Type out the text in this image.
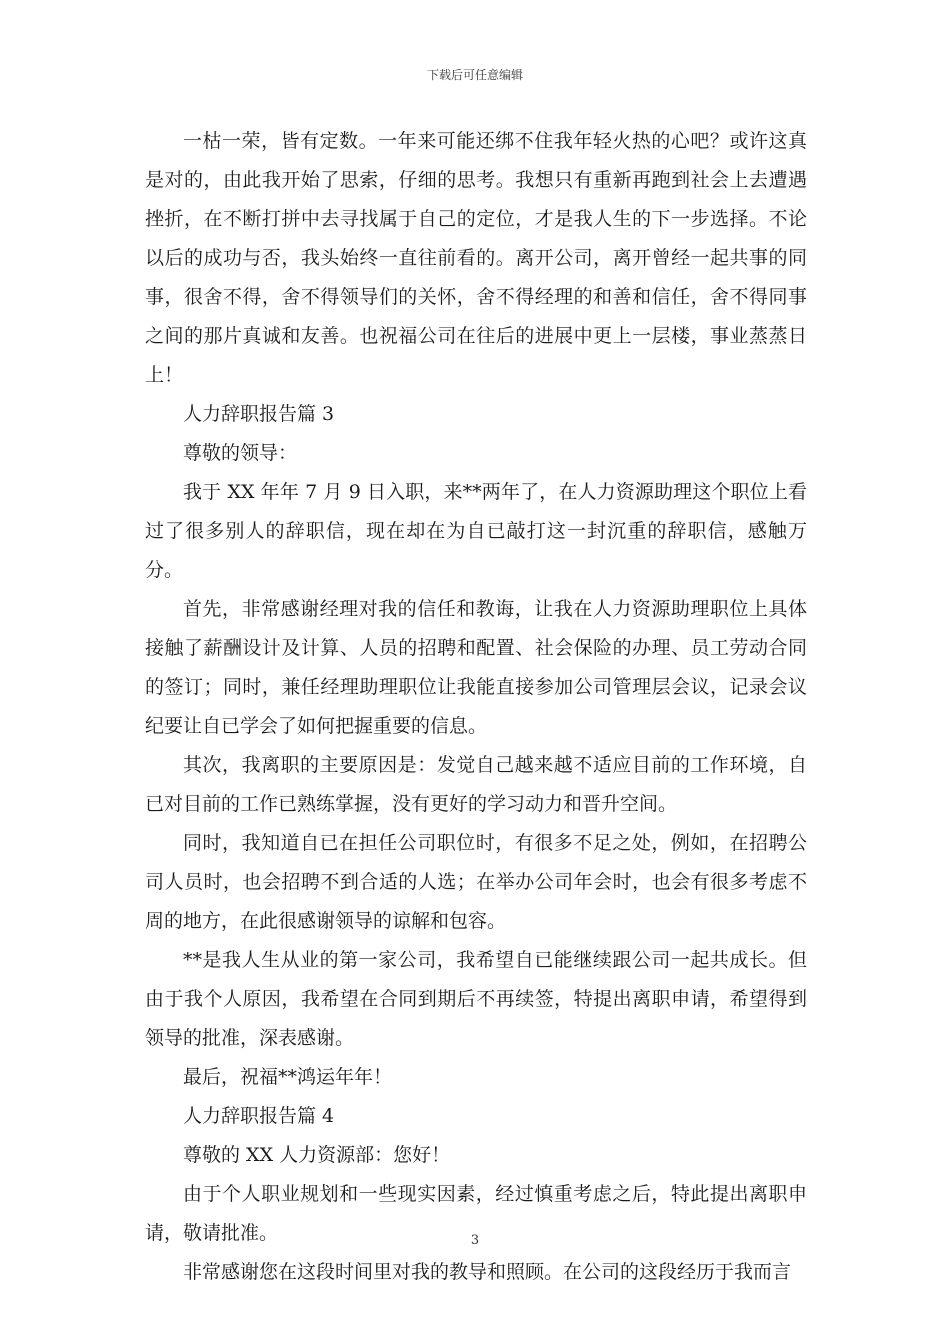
下载后可任意编辑

一枯一荣，皆有定数。一年来可能还绑不住我年轻火热的心吧？或许这真是对的，由此我开始了思索，仔细的思考。我想只有重新再跑到社会上去遭遇挫折，在不断打拼中去寻找属于自己的定位，才是我人生的下一步选择。不论以后的成功与否，我头始终一直往前看的。离开公司，离开曾经一起共事的同事，很舍不得，舍不得领导们的关怀，舍不得经理的和善和信任，舍不得同事之间的那片真诚和友善。也祝福公司在往后的进展中更上一层楼，事业蒸蒸日上！

人力辞职报告篇 3

尊敬的领导：

我于 XX 年年 7 月 9 日入职，来**两年了，在人力资源助理这个职位上看过了很多别人的辞职信，现在却在为自已敲打这一封沉重的辞职信，感触万分。

首先，非常感谢经理对我的信任和教诲，让我在人力资源助理职位上具体接触了薪酬设计及计算、人员的招聘和配置、社会保险的办理、员工劳动合同的签订；同时，兼任经理助理职位让我能直接参加公司管理层会议，记录会议纪要让自已学会了如何把握重要的信息。

其次，我离职的主要原因是：发觉自己越来越不适应目前的工作环境，自已对目前的工作已熟练掌握，没有更好的学习动力和晋升空间。

同时，我知道自已在担任公司职位时，有很多不足之处，例如，在招聘公司人员时，也会招聘不到合适的人选；在举办公司年会时，也会有很多考虑不周的地方，在此很感谢领导的谅解和包容。

**是我人生从业的第一家公司，我希望自已能继续跟公司一起共成长。但由于我个人原因，我希望在合同到期后不再续签，特提出离职申请，希望得到领导的批准，深表感谢。

最后，祝福**鸿运年年！

人力辞职报告篇 4

尊敬的 XX 人力资源部：您好！

由于个人职业规划和一些现实因素，经过慎重考虑之后，特此提出离职申请，敬请批准。

非常感谢您在这段时间里对我的教导和照顾。在公司的这段经历于我而言

3
